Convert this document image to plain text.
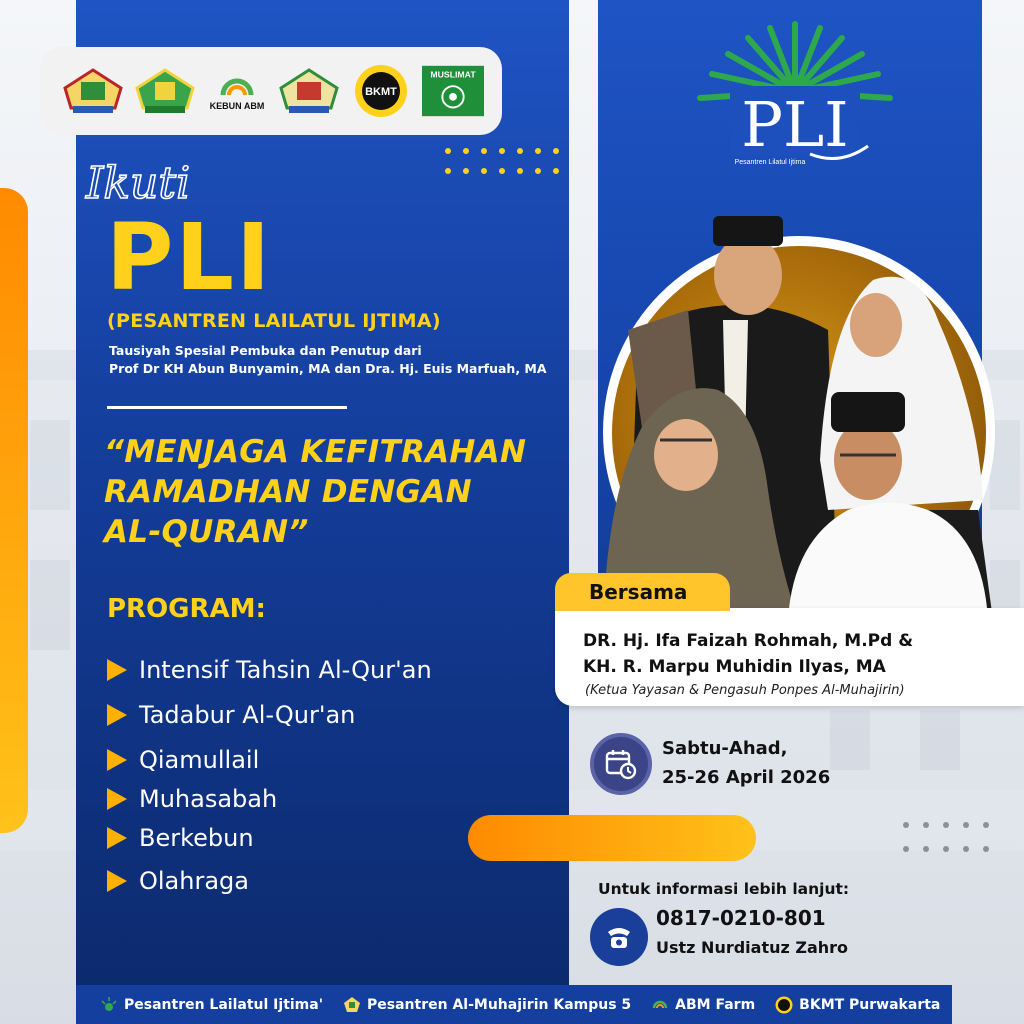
KEBUN ABM
BKMT
MUSLIMAT
Ikuti
PLI
(PESANTREN LAILATUL IJTIMA)
Tausiyah Spesial Pembuka dan Penutup dari
Prof Dr KH Abun Bunyamin, MA dan Dra. Hj. Euis Marfuah, MA
“MENJAGA KEFITRAHAN
RAMADHAN DENGAN
AL-QURAN”
PROGRAM:
Intensif Tahsin Al-Qur'an
Tadabur Al-Qur'an
Qiamullail
Muhasabah
Berkebun
Olahraga
PLI
Pesantren Lilatul Ijtima
Bersama
DR. Hj. Ifa Faizah Rohmah, M.Pd &
KH. R. Marpu Muhidin Ilyas, MA
(Ketua Yayasan & Pengasuh Ponpes Al-Muhajirin)
Sabtu-Ahad,
25-26 April 2026
Untuk informasi lebih lanjut:
0817-0210-801
Ustz Nurdiatuz Zahro
Pesantren Lailatul Ijtima'	Pesantren Al-Muhajirin Kampus 5	ABM Farm	BKMT Purwakarta
